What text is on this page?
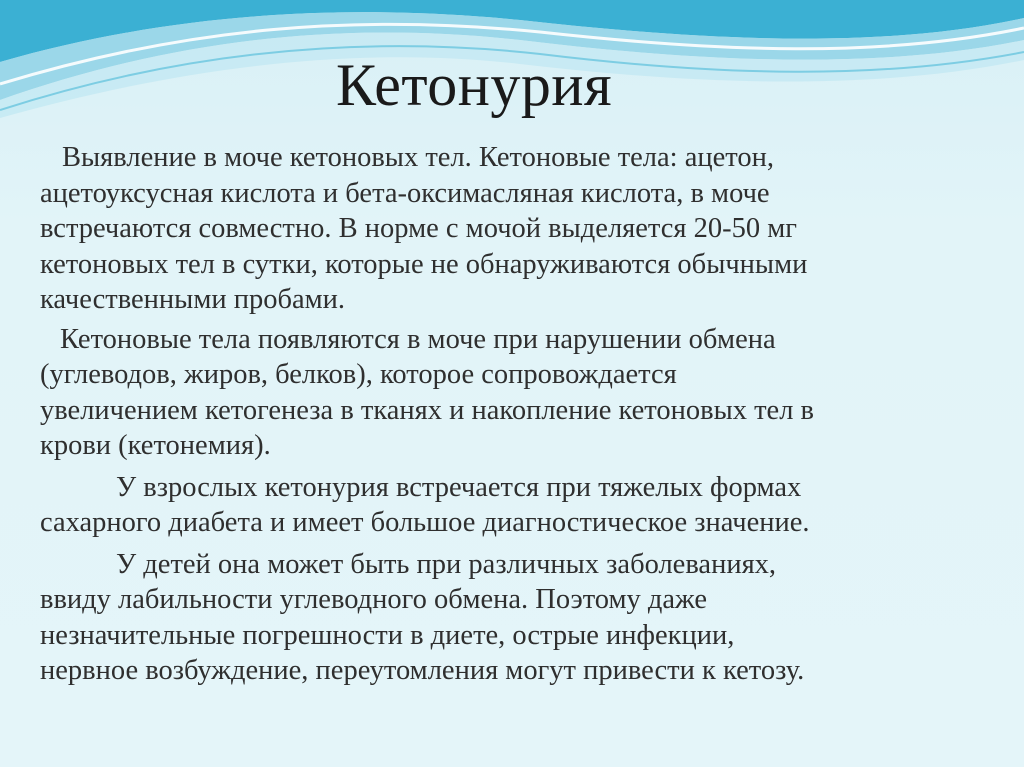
Кетонурия

Выявление в моче кетоновых тел. Кетоновые тела: ацетон,
ацетоуксусная кислота и бета-оксимасляная кислота, в моче
встречаются совместно. В норме с мочой выделяется 20-50 мг
кетоновых тел в сутки, которые не обнаруживаются обычными
качественными пробами.

Кетоновые тела появляются в моче при нарушении обмена
(углеводов, жиров, белков), которое сопровождается
увеличением кетогенеза в тканях и накопление кетоновых тел в
крови (кетонемия).

У взрослых кетонурия встречается при тяжелых формах
сахарного диабета и имеет большое диагностическое значение.

У детей она может быть при различных заболеваниях,
ввиду лабильности углеводного обмена. Поэтому даже
незначительные погрешности в диете, острые инфекции,
нервное возбуждение, переутомления могут привести к кетозу.
